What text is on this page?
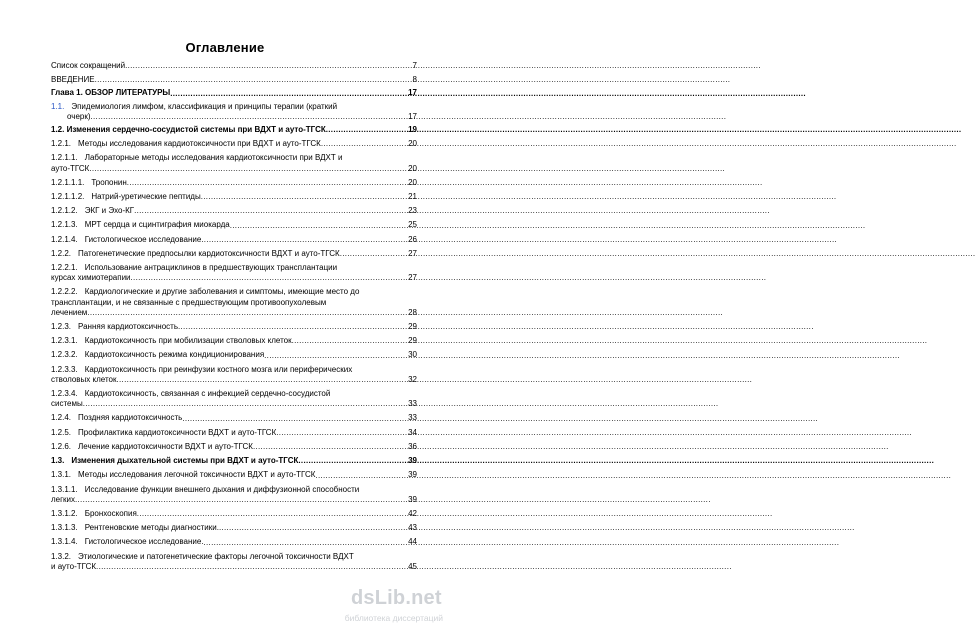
Оглавление
Список сокращений .....	7
ВВЕДЕНИЕ .....	8
Глава 1. ОБЗОР ЛИТЕРАТУРЫ .....	17
1.1. Эпидемиология лимфом, классификация и принципы терапии (краткий
очерк) .....	17
1.2. Изменения сердечно-сосудистой системы при ВДХТ и ауто-ТГСК .....	19
1.2.1. Методы исследования кардиотоксичности при ВДХТ и ауто-ТГСК .....	20
1.2.1.1. Лабораторные методы исследования кардиотоксичности при ВДХТ и
ауто-ТГСК .....	20
1.2.1.1.1. Тропонин .....	20
1.2.1.1.2. Натрий-уретические пептиды .....	21
1.2.1.2. ЭКГ и Эхо-КГ .....	23
1.2.1.3. МРТ сердца и сцинтиграфия миокарда .....	25
1.2.1.4. Гистологическое исследование .....	26
1.2.2. Патогенетические предпосылки кардиотоксичности ВДХТ и ауто-ТГСК .....	27
1.2.2.1. Использование антрациклинов в предшествующих трансплантации
курсах химиотерапии .....	27
1.2.2.2. Кардиологические и другие заболевания и симптомы, имеющие место до
трансплантации, и не связанные с предшествующим противоопухолевым
лечением .....	28
1.2.3. Ранняя кардиотоксичность .....	29
1.2.3.1. Кардиотоксичность при мобилизации стволовых клеток .....	29
1.2.3.2. Кардиотоксичность режима кондиционирования .....	30
1.2.3.3. Кардиотоксичность при реинфузии костного мозга или периферических
стволовых клеток .....	32
1.2.3.4. Кардиотоксичность, связанная с инфекцией сердечно-сосудистой
системы .....	33
1.2.4. Поздняя кардиотоксичность .....	33
1.2.5. Профилактика кардиотоксичности ВДХТ и ауто-ТГСК .....	34
1.2.6. Лечение кардиотоксичности ВДХТ и ауто-ТГСК .....	36
1.3. Изменения дыхательной системы при ВДХТ и ауто-ТГСК .....	39
1.3.1. Методы исследования легочной токсичности ВДХТ и ауто-ТГСК .....	39
1.3.1.1. Исследование функции внешнего дыхания и диффузионной способности
легких .....	39
1.3.1.2. Бронхоскопия .....	42
1.3.1.3. Рентгеновские методы диагностики. .....	43
1.3.1.4. Гистологическое исследование. .....	44
1.3.2. Этиологические и патогенетические факторы легочной токсичности ВДХТ
и ауто-ТГСК .....	45
dsLib.net
библиотека диссертаций
